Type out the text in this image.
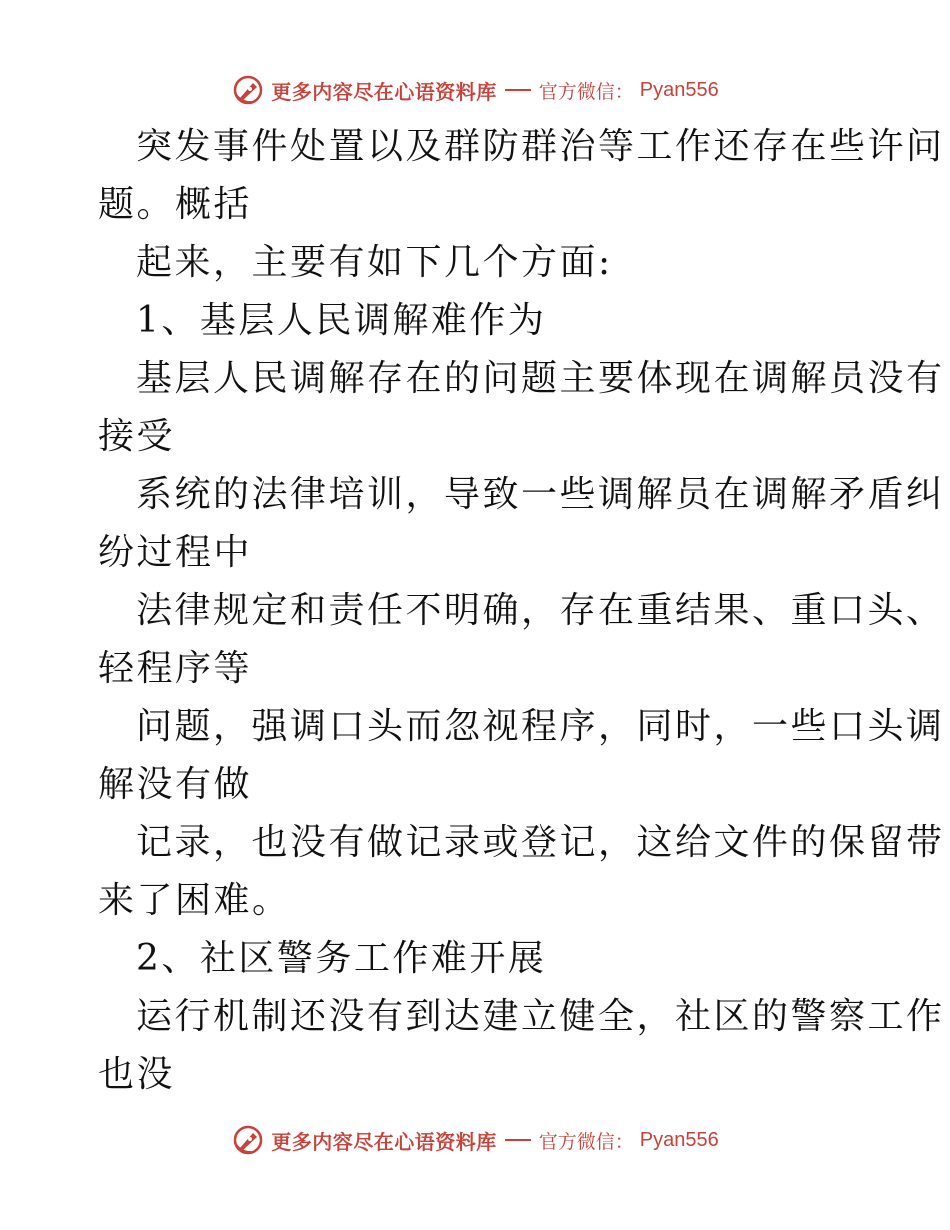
更多内容尽在心语资料库 官方微信： Pyan556
突发事件处置以及群防群治等工作还存在些许问
题。概括
起来，主要有如下几个方面:
1、基层人民调解难作为
基层人民调解存在的问题主要体现在调解员没有
接受
系统的法律培训，导致一些调解员在调解矛盾纠
纷过程中
法律规定和责任不明确，存在重结果、重口头、
轻程序等
问题，强调口头而忽视程序，同时，一些口头调
解没有做
记录，也没有做记录或登记，这给文件的保留带
来了困难。
2、社区警务工作难开展
运行机制还没有到达建立健全，社区的警察工作
也没
更多内容尽在心语资料库 官方微信： Pyan556
